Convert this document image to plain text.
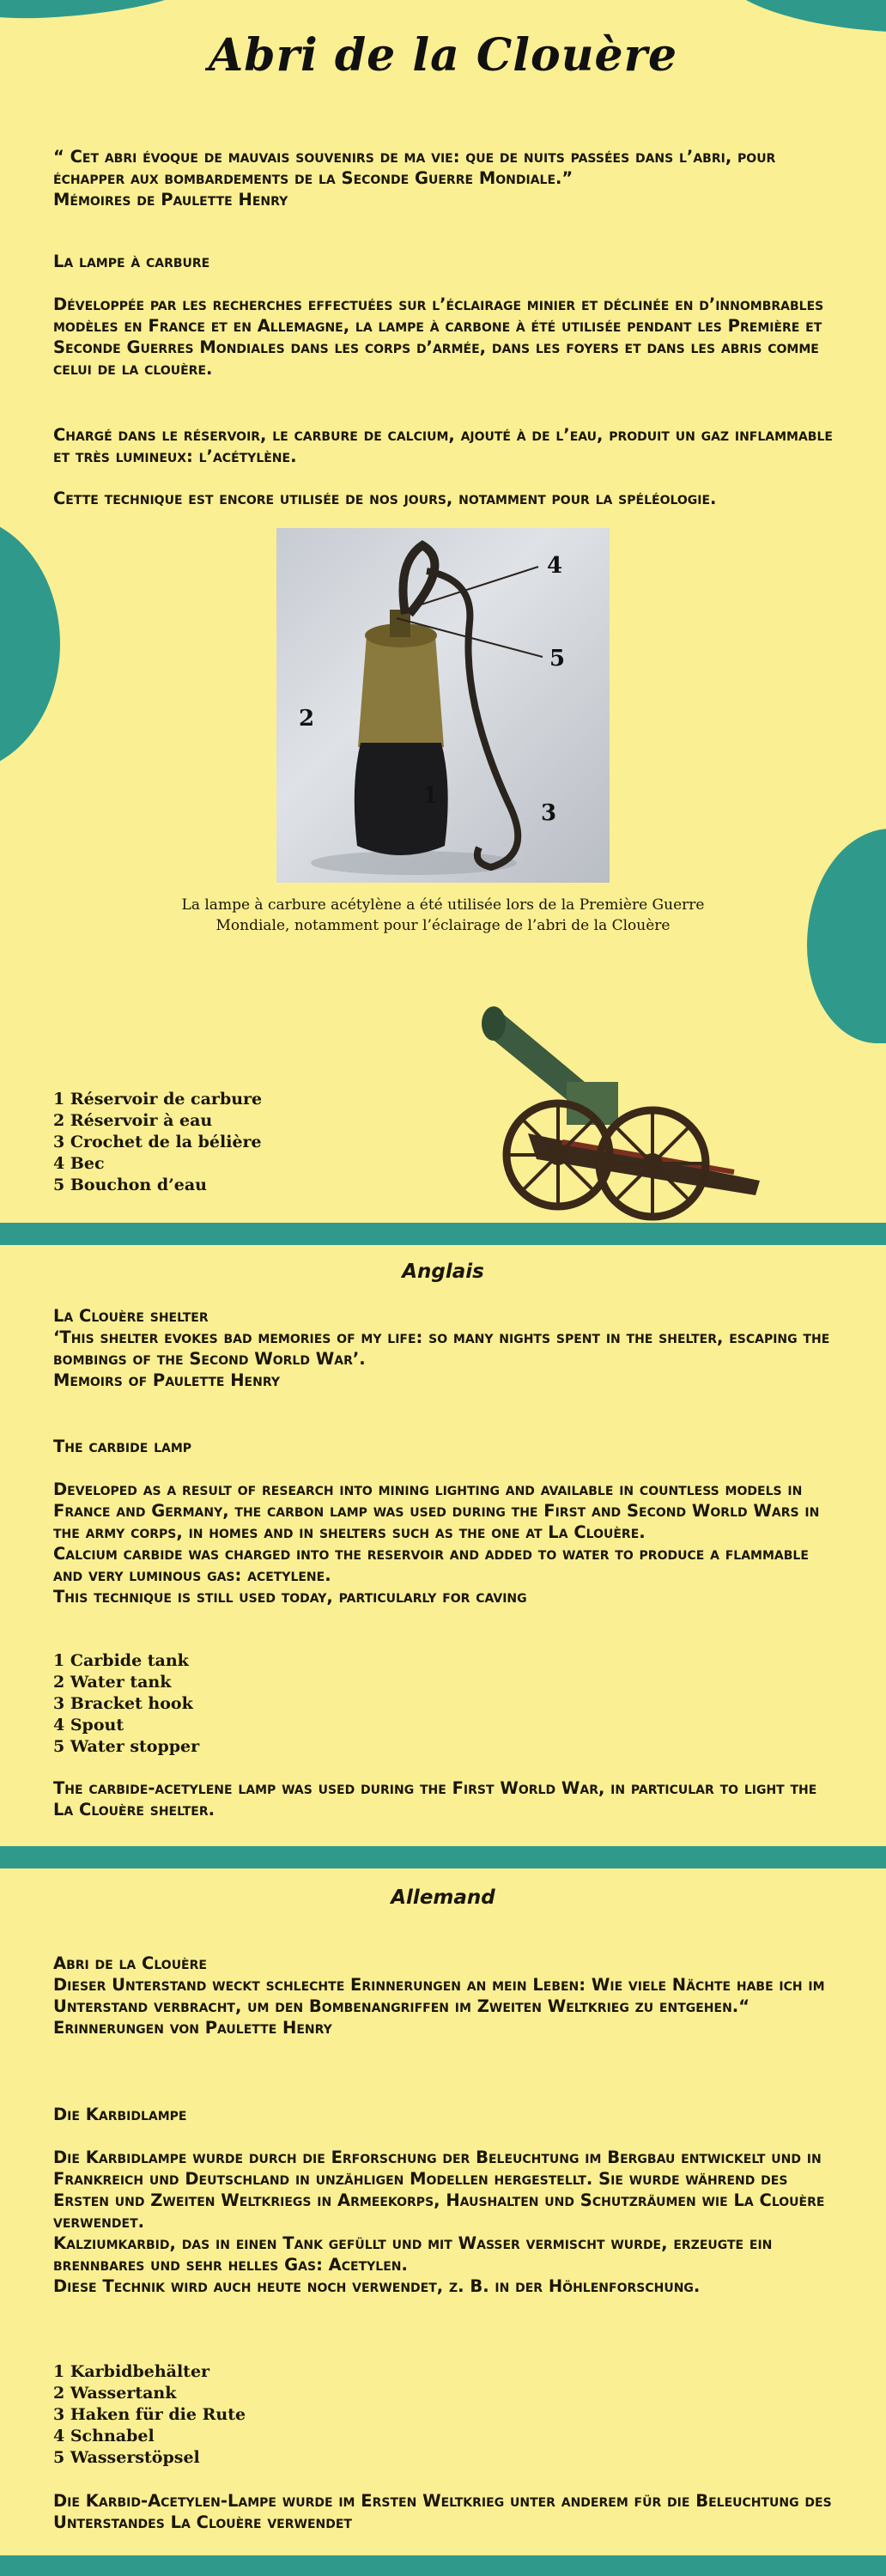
Abri de la Clouère

“ Cet abri évoque de mauvais souvenirs de ma vie: que de nuits passées dans l’abri, pour échapper aux bombardements de la Seconde Guerre Mondiale.”

Mémoires de Paulette Henry

La lampe à carbure
Développée par les recherches effectuées sur l’éclairage minier et déclinée en d’innombrables modèles en France et en Allemagne, la lampe à carbone à été utilisée pendant les Première et Seconde Guerres Mondiales dans les corps d’armée, dans les foyers et dans les abris comme celui de la clouère.
Chargé dans le réservoir, le carbure de calcium, ajouté à de l’eau, produit un gaz inflammable et très lumineux: l’acétylène.
Cette technique est encore utilisée de nos jours, notamment pour la spéléologie.
4
5
2
1
3
La lampe à carbure acétylène a été utilisée lors de la Première Guerre
Mondiale, notamment pour l’éclairage de l’abri de la Clouère
1 Réservoir de carbure
2 Réservoir à eau
3 Crochet de la bélière
4 Bec
5 Bouchon d’eau
Anglais

La Clouère shelter

‘This shelter evokes bad memories of my life: so many nights spent in the shelter, escaping the bombings of the Second World War’.

Memoirs of Paulette Henry

The carbide lamp

Developed as a result of research into mining lighting and available in countless models in France and Germany, the carbon lamp was used during the First and Second World Wars in the army corps, in homes and in shelters such as the one at La Clouère.

Calcium carbide was charged into the reservoir and added to water to produce a flammable and very luminous gas: acetylene.

This technique is still used today, particularly for caving

1 Carbide tank
2 Water tank
3 Bracket hook
4 Spout
5 Water stopper
The carbide-acetylene lamp was used during the First World War, in particular to light the La Clouère shelter.
Allemand

Abri de la Clouère

Dieser Unterstand weckt schlechte Erinnerungen an mein Leben: Wie viele Nächte habe ich im Unterstand verbracht, um den Bombenangriffen im Zweiten Weltkrieg zu entgehen.“

Erinnerungen von Paulette Henry

Die Karbidlampe

Die Karbidlampe wurde durch die Erforschung der Beleuchtung im Bergbau entwickelt und in Frankreich und Deutschland in unzähligen Modellen hergestellt. Sie wurde während des Ersten und Zweiten Weltkriegs in Armeekorps, Haushalten und Schutzräumen wie La Clouère verwendet.

Kalziumkarbid, das in einen Tank gefüllt und mit Wasser vermischt wurde, erzeugte ein brennbares und sehr helles Gas: Acetylen.

Diese Technik wird auch heute noch verwendet, z. B. in der Höhlenforschung.

1 Karbidbehälter
2 Wassertank
3 Haken für die Rute
4 Schnabel
5 Wasserstöpsel
Die Karbid-Acetylen-Lampe wurde im Ersten Weltkrieg unter anderem für die Beleuchtung des Unterstandes La Clouère verwendet
